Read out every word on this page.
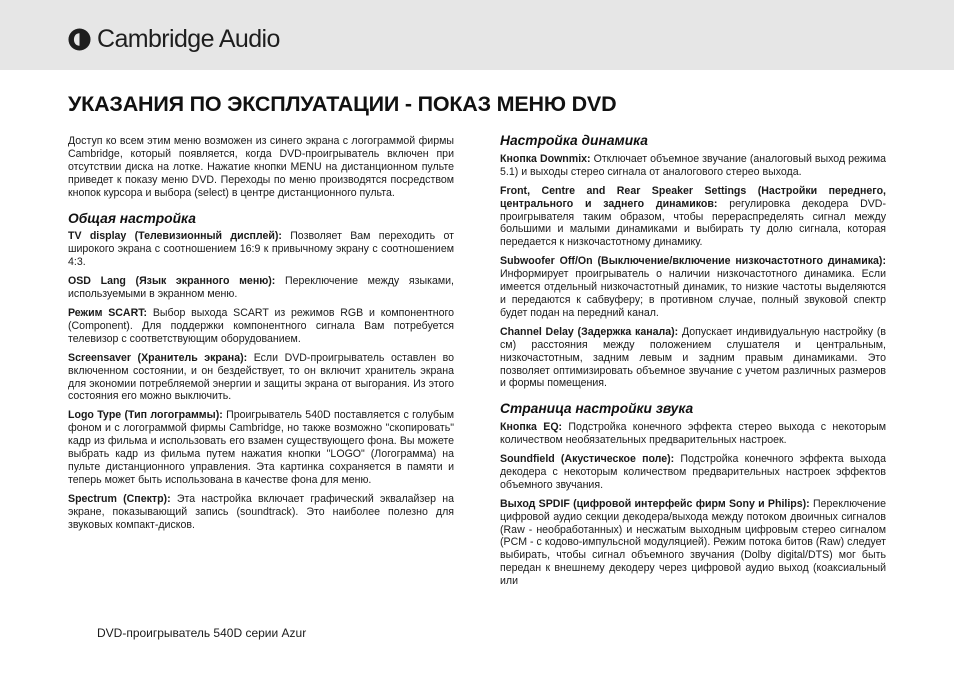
Cambridge Audio
УКАЗАНИЯ ПО ЭКСПЛУАТАЦИИ - ПОКАЗ МЕНЮ DVD

Доступ ко всем этим меню возможен из синего экрана с логограммой фирмы Cambridge, который появляется, когда DVD-проигрыватель включен при отсутствии диска на лотке. Нажатие кнопки MENU на дистанционном пульте приведет к показу меню DVD. Переходы по меню производятся посредством кнопок курсора и выбора (select) в центре дистанционного пульта.

Общая настройка

TV display (Телевизионный дисплей): Позволяет Вам переходить от широкого экрана с соотношением 16:9 к привычному экрану с соотношением 4:3.

OSD Lang (Язык экранного меню): Переключение между языками, используемыми в экранном меню.

Режим SCART: Выбор выхода SCART из режимов RGB и компонентного (Component). Для поддержки компонентного сигнала Вам потребуется телевизор с соответствующим оборудованием.

Screensaver (Хранитель экрана): Если DVD-проигрыватель оставлен во включенном состоянии, и он бездействует, то он включит хранитель экрана для экономии потребляемой энергии и защиты экрана от выгорания. Из этого состояния его можно выключить.

Logo Type (Тип логограммы): Проигрыватель 540D поставляется с голубым фоном и с логограммой фирмы Cambridge, но также возможно "скопировать" кадр из фильма и использовать его взамен существующего фона. Вы можете выбрать кадр из фильма путем нажатия кнопки "LOGO" (Логограмма) на пульте дистанционного управления. Эта картинка сохраняется в памяти и теперь может быть использована в качестве фона для меню.

Spectrum (Спектр): Эта настройка включает графический эквалайзер на экране, показывающий запись (soundtrack). Это наиболее полезно для звуковых компакт-дисков.

Настройка динамика

Кнопка Downmix: Отключает объемное звучание (аналоговый выход режима 5.1) и выходы стерео сигнала от аналогового стерео выхода.

Front, Centre and Rear Speaker Settings (Настройки переднего, центрального и заднего динамиков: регулировка декодера DVD-проигрывателя таким образом, чтобы перераспределять сигнал между большими и малыми динамиками и выбирать ту долю сигнала, которая передается к низкочастотному динамику.

Subwoofer Off/On (Выключение/включение низкочастотного динамика): Информирует проигрыватель о наличии низкочастотного динамика. Если имеется отдельный низкочастотный динамик, то низкие частоты выделяются и передаются к сабвуферу; в противном случае, полный звуковой спектр будет подан на передний канал.

Channel Delay (Задержка канала): Допускает индивидуальную настройку (в см) расстояния между положением слушателя и центральным, низкочастотным, задним левым и задним правым динамиками. Это позволяет оптимизировать объемное звучание с учетом различных размеров и формы помещения.

Страница настройки звука

Кнопка EQ: Подстройка конечного эффекта стерео выхода с некоторым количеством необязательных предварительных настроек.

Soundfield (Акустическое поле): Подстройка конечного эффекта выхода декодера с некоторым количеством предварительных настроек эффектов объемного звучания.

Выход SPDIF (цифровой интерфейс фирм Sony и Philips): Переключение цифровой аудио секции декодера/выхода между потоком двоичных сигналов (Raw - необработанных) и несжатым выходным цифровым стерео сигналом (PCM - с кодово-импульсной модуляцией). Режим потока битов (Raw) следует выбирать, чтобы сигнал объемного звучания (Dolby digital/DTS) мог быть передан к внешнему декодеру через цифровой аудио выход (коаксиальный или

DVD-проигрыватель 540D серии Azur
